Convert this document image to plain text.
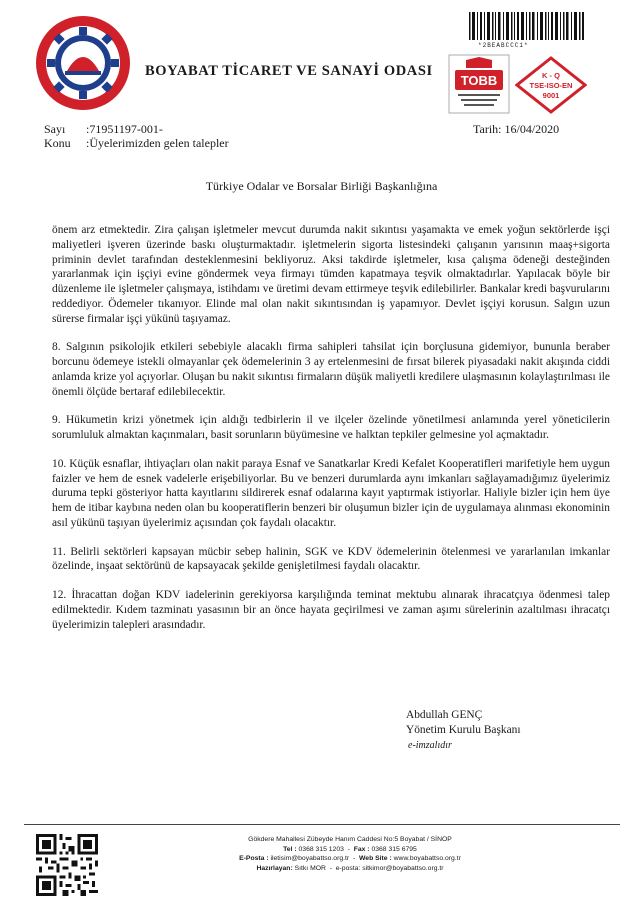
BOYABAT TİCARET VE SANAYİ ODASI
*2BEABCCC1*
TOBB	K - Q
TSE-ISO-EN
9001
Sayı :71951197-001-
Konu :Üyelerimizden gelen talepler
Tarih: 16/04/2020
Türkiye Odalar ve Borsalar Birliği Başkanlığına

önem arz etmektedir. Zira çalışan işletmeler mevcut durumda nakit sıkıntısı yaşamakta ve emek yoğun sektörlerde işçi maliyetleri işveren üzerinde baskı oluşturmaktadır. işletmelerin sigorta listesindeki çalışanın yarısının maaş+sigorta priminin devlet tarafından desteklenmesini bekliyoruz. Aksi takdirde işletmeler, kısa çalışma ödeneği desteğinden yararlanmak için işçiyi evine göndermek veya firmayı tümden kapatmaya teşvik olmaktadırlar. Yapılacak böyle bir düzenleme ile işletmeler çalışmaya, istihdamı ve üretimi devam ettirmeye teşvik edilebilirler. Bankalar kredi başvurularını reddediyor. Ödemeler tıkanıyor. Elinde mal olan nakit sıkıntısından iş yapamıyor. Devlet işçiyi korusun. Salgın uzun sürerse firmalar işçi yükünü taşıyamaz.

8. Salgının psikolojik etkileri sebebiyle alacaklı firma sahipleri tahsilat için borçlusuna gidemiyor, bununla beraber borcunu ödemeye istekli olmayanlar çek ödemelerinin 3 ay ertelenmesini de fırsat bilerek piyasadaki nakit akışında ciddi anlamda krize yol açıyorlar. Oluşan bu nakit sıkıntısı firmaların düşük maliyetli kredilere ulaşmasının kolaylaştırılması ile önemli ölçüde bertaraf edilebilecektir.

9. Hükumetin krizi yönetmek için aldığı tedbirlerin il ve ilçeler özelinde yönetilmesi anlamında yerel yöneticilerin sorumluluk almaktan kaçınmaları, basit sorunların büyümesine ve halktan tepkiler gelmesine yol açmaktadır.

10. Küçük esnaflar, ihtiyaçları olan nakit paraya Esnaf ve Sanatkarlar Kredi Kefalet Kooperatifleri marifetiyle hem uygun faizler ve hem de esnek vadelerle erişebiliyorlar. Bu ve benzeri durumlarda aynı imkanları sağlayamadığımız üyelerimiz duruma tepki gösteriyor hatta kayıtlarını sildirerek esnaf odalarına kayıt yaptırmak istiyorlar. Haliyle bizler için hem üye hem de itibar kaybına neden olan bu kooperatiflerin benzeri bir oluşumun bizler için de uygulamaya alınması ekonominin asıl yükünü taşıyan üyelerimiz açısından çok faydalı olacaktır.

11. Belirli sektörleri kapsayan mücbir sebep halinin, SGK ve KDV ödemelerinin ötelenmesi ve yararlanılan imkanlar özelinde, inşaat sektörünü de kapsayacak şekilde genişletilmesi faydalı olacaktır.

12. İhracattan doğan KDV iadelerinin gerekiyorsa karşılığında teminat mektubu alınarak ihracatçıya ödenmesi talep edilmektedir. Kıdem tazminatı yasasının bir an önce hayata geçirilmesi ve zaman aşımı sürelerinin azaltılması ihracatçı üyelerimizin talepleri arasındadır.

Abdullah GENÇ
Yönetim Kurulu Başkanı
e-imzalıdır
Gökdere Mahallesi Zübeyde Hanım Caddesi No:5 Boyabat / SİNOP
Tel : 0368 315 1203  -  Fax : 0368 315 6795
E-Posta : iletisim@boyabattso.org.tr  -  Web Site : www.boyabattso.org.tr
Hazırlayan: Sıtkı MOR  -  e-posta: sitkimor@boyabattso.org.tr
